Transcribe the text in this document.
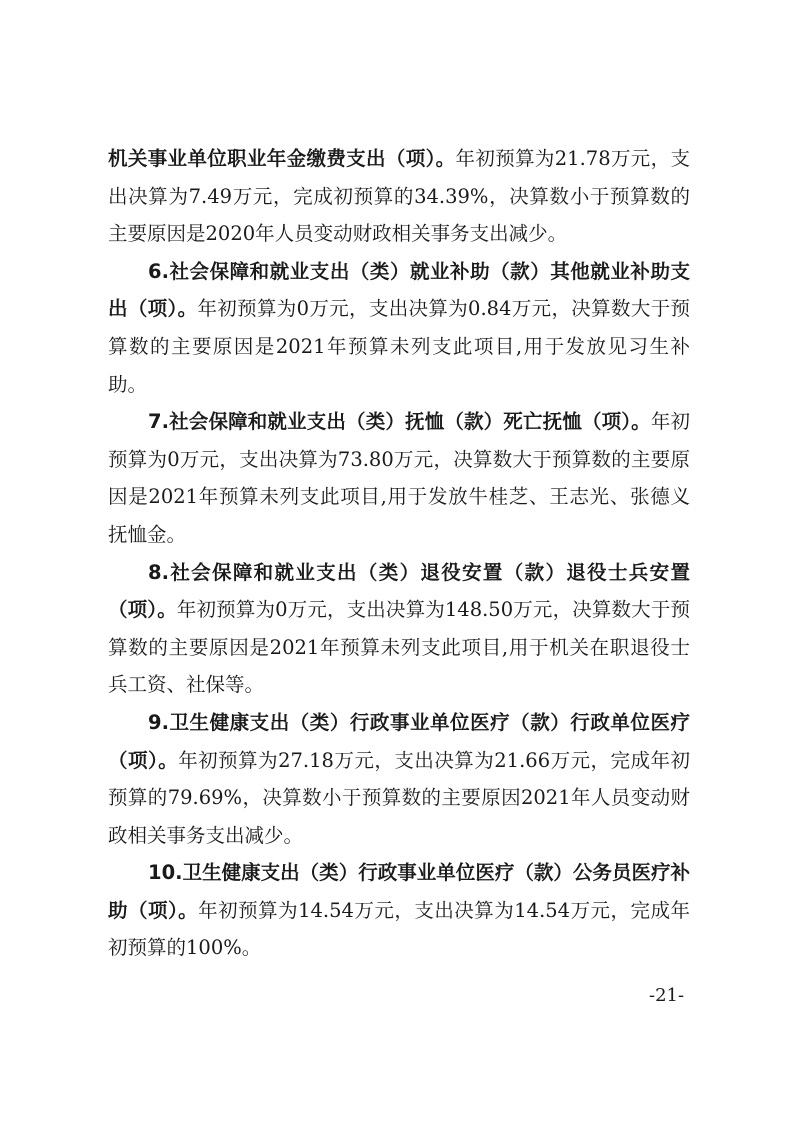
机关事业单位职业年金缴费支出（项）。年初预算为21.78万元，支出决算为7.49万元，完成初预算的34.39%，决算数小于预算数的主要原因是2020年人员变动财政相关事务支出减少。

6.社会保障和就业支出（类）就业补助（款）其他就业补助支出（项）。年初预算为0万元，支出决算为0.84万元，决算数大于预算数的主要原因是2021年预算未列支此项目,用于发放见习生补助。

7.社会保障和就业支出（类）抚恤（款）死亡抚恤（项）。年初预算为0万元，支出决算为73.80万元，决算数大于预算数的主要原因是2021年预算未列支此项目,用于发放牛桂芝、王志光、张德义抚恤金。

8.社会保障和就业支出（类）退役安置（款）退役士兵安置（项）。年初预算为0万元，支出决算为148.50万元，决算数大于预算数的主要原因是2021年预算未列支此项目,用于机关在职退役士兵工资、社保等。

9.卫生健康支出（类）行政事业单位医疗（款）行政单位医疗（项）。年初预算为27.18万元，支出决算为21.66万元，完成年初预算的79.69%，决算数小于预算数的主要原因2021年人员变动财政相关事务支出减少。

10.卫生健康支出（类）行政事业单位医疗（款）公务员医疗补助（项）。年初预算为14.54万元，支出决算为14.54万元，完成年初预算的100%。

-21-
